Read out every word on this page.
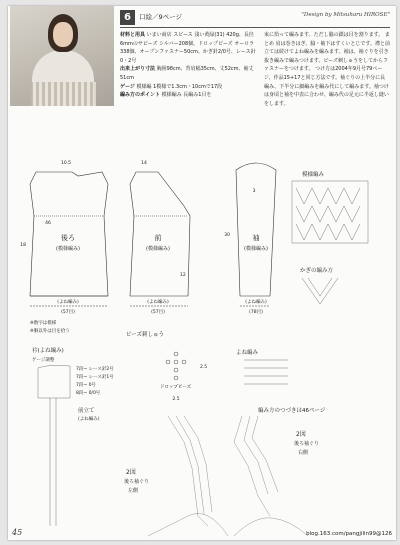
6	口絵／9ページ	"Design by Mitsuharu HIROSE"
材料と用具 いまい商店 スピース 浅い黄緑(31) 420g、長径6mmのサビーズ シルバー208個、ドロップビーズ オーロラ338個、オープンファスナー50cm、かぎ針2/0号、レース針0・2号
出来上がり寸法 胸囲98cm、背肩幅35cm、丈52cm、袖丈51cm
ゲージ 模様編 1模様で1.3cm・10cmで17段
編み方のポイント 模様編み 長編み1目を
束に拾って編みます。ただし脇の鎖は目を割ります。 まとめ 肩は巻きはぎ、脇・袖下はすくいとじです。襟と前立ては続けてよね編みを編みます。袖は、袖ぐりを引き抜き編みで編みつけます。ビーズ刺しゅうをしてからファスナーをつけます。 つけ方は2004年9月号79ページ、作品15+17と同じ方法です。袖ぐりの上半分に長編み、下半分に細編みを編み代にして編みます。袖つけは身頃と袖を中表に合わせ、編み代の足元に半返し縫いをします。
後ろ
(模様編み)
(よね編み)
10.5
46
(57目)
18
※数字は模様
※胴以外は目を拾う
前
(模様編み)
(よね編み)
14
(57目)
12
3
袖
(模様編み)
(よね編み)
(78目)
30
模様編み
かぎの編み方
ビーズ刺しゅう
ドロップビーズ
2.5
2.5
よね編み
衿(よね編み)
ゲージ調整
7段~ レース針2号
7段~ レース針1号
7段~ 0号
8段~ 0/0号
前立て
(よね編み)
編み方のつづきは46ページ
2図
後ろ袖ぐり
左側
2図
後ろ袖ぐり
右側
45	blog.163.com/pangjilin99@126
